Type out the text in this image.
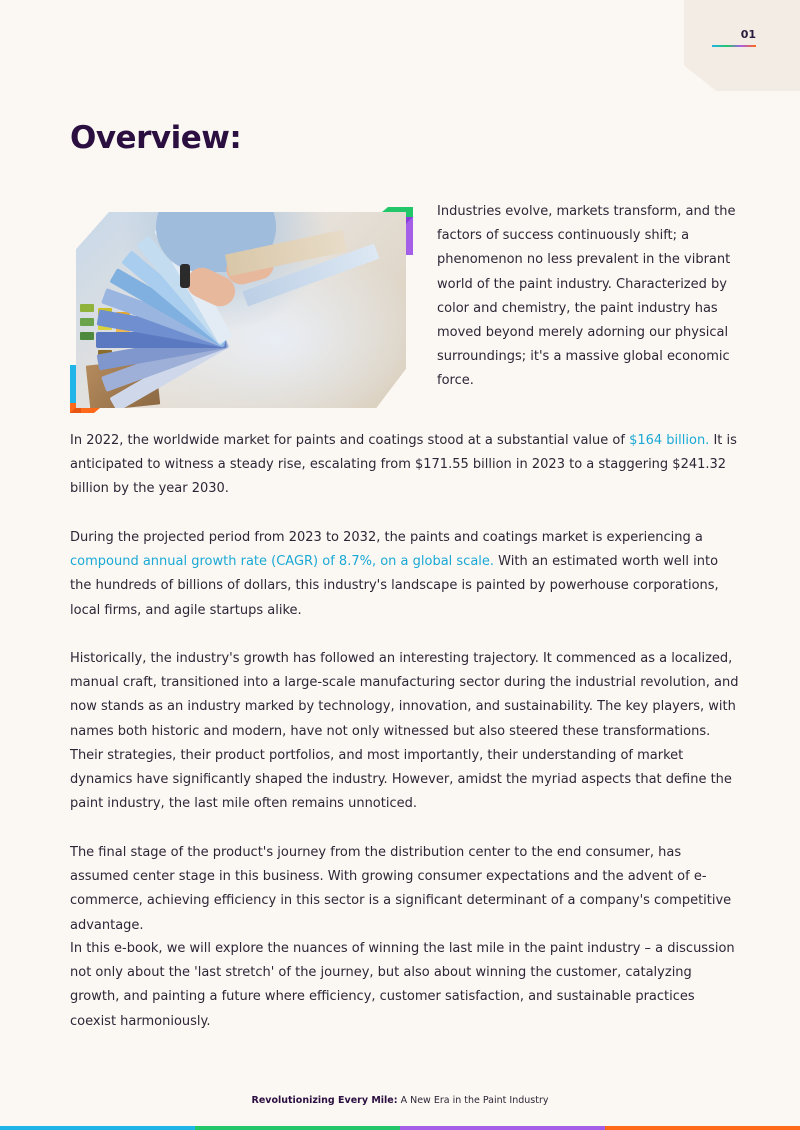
01
Overview:

Industries evolve, markets transform, and the factors of success continuously shift; a phenomenon no less prevalent in the vibrant world of the paint industry. Characterized by color and chemistry, the paint industry has moved beyond merely adorning our physical surroundings; it's a massive global economic force.

In 2022, the worldwide market for paints and coatings stood at a substantial value of $164 billion. It is anticipated to witness a steady rise, escalating from $171.55 billion in 2023 to a staggering $241.32 billion by the year 2030.

During the projected period from 2023 to 2032, the paints and coatings market is experiencing a compound annual growth rate (CAGR) of 8.7%, on a global scale. With an estimated worth well into the hundreds of billions of dollars, this industry's landscape is painted by powerhouse corporations, local firms, and agile startups alike.

Historically, the industry's growth has followed an interesting trajectory. It commenced as a localized, manual craft, transitioned into a large-scale manufacturing sector during the industrial revolution, and now stands as an industry marked by technology, innovation, and sustainability. The key players, with names both historic and modern, have not only witnessed but also steered these transformations. Their strategies, their product portfolios, and most importantly, their understanding of market dynamics have significantly shaped the industry. However, amidst the myriad aspects that define the paint industry, the last mile often remains unnoticed.

The final stage of the product's journey from the distribution center to the end consumer, has assumed center stage in this business. With growing consumer expectations and the advent of e-commerce, achieving efficiency in this sector is a significant determinant of a company's competitive advantage.

In this e-book, we will explore the nuances of winning the last mile in the paint industry – a discussion not only about the 'last stretch' of the journey, but also about winning the customer, catalyzing growth, and painting a future where efficiency, customer satisfaction, and sustainable practices coexist harmoniously.

Revolutionizing Every Mile: A New Era in the Paint Industry
